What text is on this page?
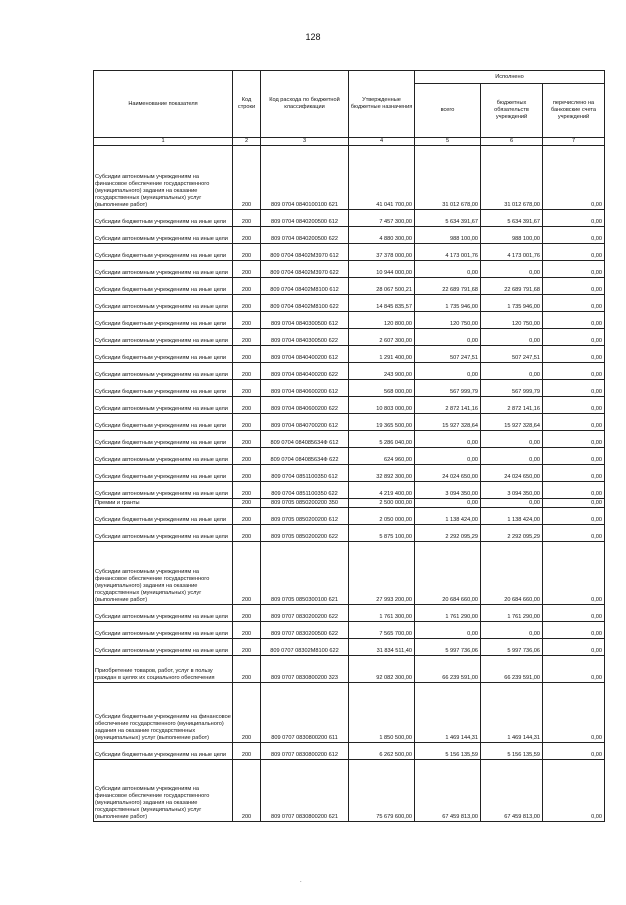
128
Наименование показателя	Код строки	Код расхода по бюджетной классификации	Утвержденные бюджетные назначения	Исполнено		
				всего	бюджетных обязательств учреждений	перечислено на банковские счета учреждений
1	2	3	4	5	6	7
Субсидии автономным учреждениям на финансовое обеспечение государственного (муниципального) задания на оказание государственных (муниципальных) услуг (выполнение работ)	200	809 0704 0840100100 621	41 041 700,00	31 012 678,00	31 012 678,00	0,00
Субсидии бюджетным учреждениям на иные цели	200	809 0704 0840200500 612	7 457 300,00	5 634 391,67	5 634 391,67	0,00
Субсидии автономным учреждениям на иные цели	200	809 0704 0840200500 622	4 880 300,00	988 100,00	988 100,00	0,00
Субсидии бюджетным учреждениям на иные цели	200	809 0704 08402M3970 612	37 378 000,00	4 173 001,76	4 173 001,76	0,00
Субсидии автономным учреждениям на иные цели	200	809 0704 08402M3970 622	10 944 000,00	0,00	0,00	0,00
Субсидии бюджетным учреждениям на иные цели	200	809 0704 08402M8100 612	28 067 500,21	22 689 791,68	22 689 791,68	0,00
Субсидии автономным учреждениям на иные цели	200	809 0704 08402M8100 622	14 845 835,57	1 735 946,00	1 735 946,00	0,00
Субсидии бюджетным учреждениям на иные цели	200	809 0704 0840300500 612	120 800,00	120 750,00	120 750,00	0,00
Субсидии автономным учреждениям на иные цели	200	809 0704 0840300500 622	2 607 300,00	0,00	0,00	0,00
Субсидии бюджетным учреждениям на иные цели	200	809 0704 0840400200 612	1 291 400,00	507 247,51	507 247,51	0,00
Субсидии автономным учреждениям на иные цели	200	809 0704 0840400200 622	243 900,00	0,00	0,00	0,00
Субсидии бюджетным учреждениям на иные цели	200	809 0704 0840600200 612	568 000,00	567 999,79	567 999,79	0,00
Субсидии автономным учреждениям на иные цели	200	809 0704 0840600200 622	10 803 000,00	2 872 141,16	2 872 141,16	0,00
Субсидии бюджетным учреждениям на иные цели	200	809 0704 0840700200 612	19 365 500,00	15 927 328,64	15 927 328,64	0,00
Субсидии бюджетным учреждениям на иные цели	200	809 0704 084085634Ф 612	5 286 040,00	0,00	0,00	0,00
Субсидии автономным учреждениям на иные цели	200	809 0704 084085634Ф 622	624 960,00	0,00	0,00	0,00
Субсидии бюджетным учреждениям на иные цели	200	809 0704 0851100350 612	32 892 300,00	24 024 650,00	24 024 650,00	0,00
Субсидии автономным учреждениям на иные цели	200	809 0704 0851100350 622	4 219 400,00	3 094 350,00	3 094 350,00	0,00
Премии и гранты	200	809 0705 0850200200 350	2 500 000,00	0,00	0,00	0,00
Субсидии бюджетным учреждениям на иные цели	200	809 0705 0850200200 612	2 050 000,00	1 138 424,00	1 138 424,00	0,00
Субсидии автономным учреждениям на иные цели	200	809 0705 0850200200 622	5 875 100,00	2 292 095,29	2 292 095,29	0,00
Субсидии автономным учреждениям на финансовое обеспечение государственного (муниципального) задания на оказание государственных (муниципальных) услуг (выполнение работ)	200	809 0705 0850300100 621	27 993 200,00	20 684 660,00	20 684 660,00	0,00
Субсидии автономным учреждениям на иные цели	200	809 0707 0830200200 622	1 761 300,00	1 761 290,00	1 761 290,00	0,00
Субсидии автономным учреждениям на иные цели	200	809 0707 0830200500 622	7 565 700,00	0,00	0,00	0,00
Субсидии автономным учреждениям на иные цели	200	809 0707 08302M8100 622	31 834 511,40	5 997 736,06	5 997 736,06	0,00
Приобретение товаров, работ, услуг в пользу граждан в целях их социального обеспечения	200	809 0707 0830800200 323	92 082 300,00	66 239 591,00	66 239 591,00	0,00
Субсидии бюджетным учреждениям на финансовое обеспечение государственного (муниципального) задания на оказание государственных (муниципальных) услуг (выполнение работ)	200	809 0707 0830800200 611	1 850 500,00	1 469 144,31	1 469 144,31	0,00
Субсидии бюджетным учреждениям на иные цели	200	809 0707 0830800200 612	6 262 500,00	5 156 135,59	5 156 135,59	0,00
Субсидии автономным учреждениям на финансовое обеспечение государственного (муниципального) задания на оказание государственных (муниципальных) услуг (выполнение работ)	200	809 0707 0830800200 621	75 679 600,00	67 459 813,00	67 459 813,00	0,00
.
